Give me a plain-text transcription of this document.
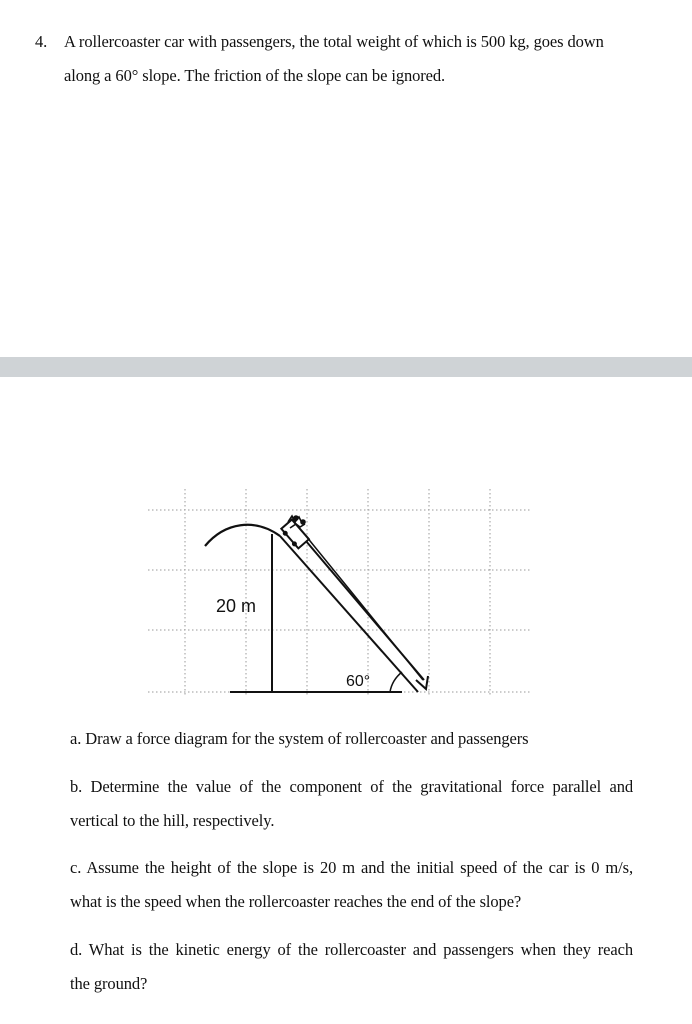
4. A rollercoaster car with passengers, the total weight of which is 500 kg, goes down
along a 60° slope. The friction of the slope can be ignored.
20 m
60°
a. Draw a force diagram for the system of rollercoaster and passengers
b. Determine the value of the component of the gravitational force parallel and
vertical to the hill, respectively.
c. Assume the height of the slope is 20 m and the initial speed of the car is 0 m/s,
what is the speed when the rollercoaster reaches the end of the slope?
d. What is the kinetic energy of the rollercoaster and passengers when they reach
the ground?
